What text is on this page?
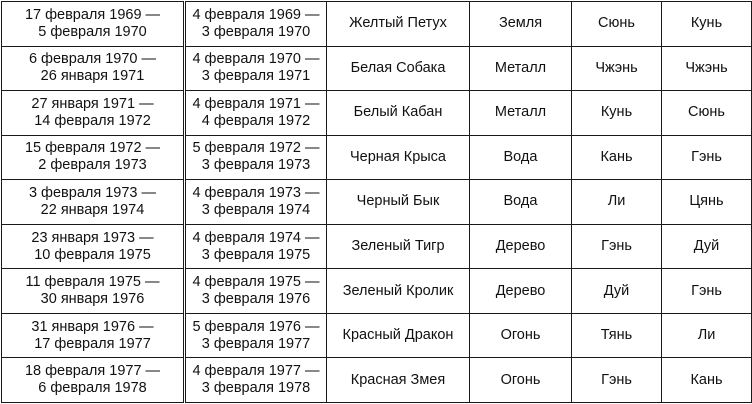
17 февраля 1969 —
5 февраля 1970	4 февраля 1969 —
3 февраля 1970	Желтый Петух	Земля	Сюнь	Кунь

6 февраля 1970 —
26 января 1971	4 февраля 1970 —
3 февраля 1971	Белая Собака	Металл	Чжэнь	Чжэнь

27 января 1971 —
14 февраля 1972	4 февраля 1971 —
4 февраля 1972	Белый Кабан	Металл	Кунь	Сюнь

15 февраля 1972 —
2 февраля 1973	5 февраля 1972 —
3 февраля 1973	Черная Крыса	Вода	Кань	Гэнь

3 февраля 1973 —
22 января 1974	4 февраля 1973 —
3 февраля 1974	Черный Бык	Вода	Ли	Цянь

23 января 1973 —
10 февраля 1975	4 февраля 1974 —
3 февраля 1975	Зеленый Тигр	Дерево	Гэнь	Дуй

11 февраля 1975 —
30 января 1976	4 февраля 1975 —
3 февраля 1976	Зеленый Кролик	Дерево	Дуй	Гэнь

31 января 1976 —
17 февраля 1977	5 февраля 1976 —
3 февраля 1977	Красный Дракон	Огонь	Тянь	Ли

18 февраля 1977 —
6 февраля 1978	4 февраля 1977 —
3 февраля 1978	Красная Змея	Огонь	Гэнь	Кань
